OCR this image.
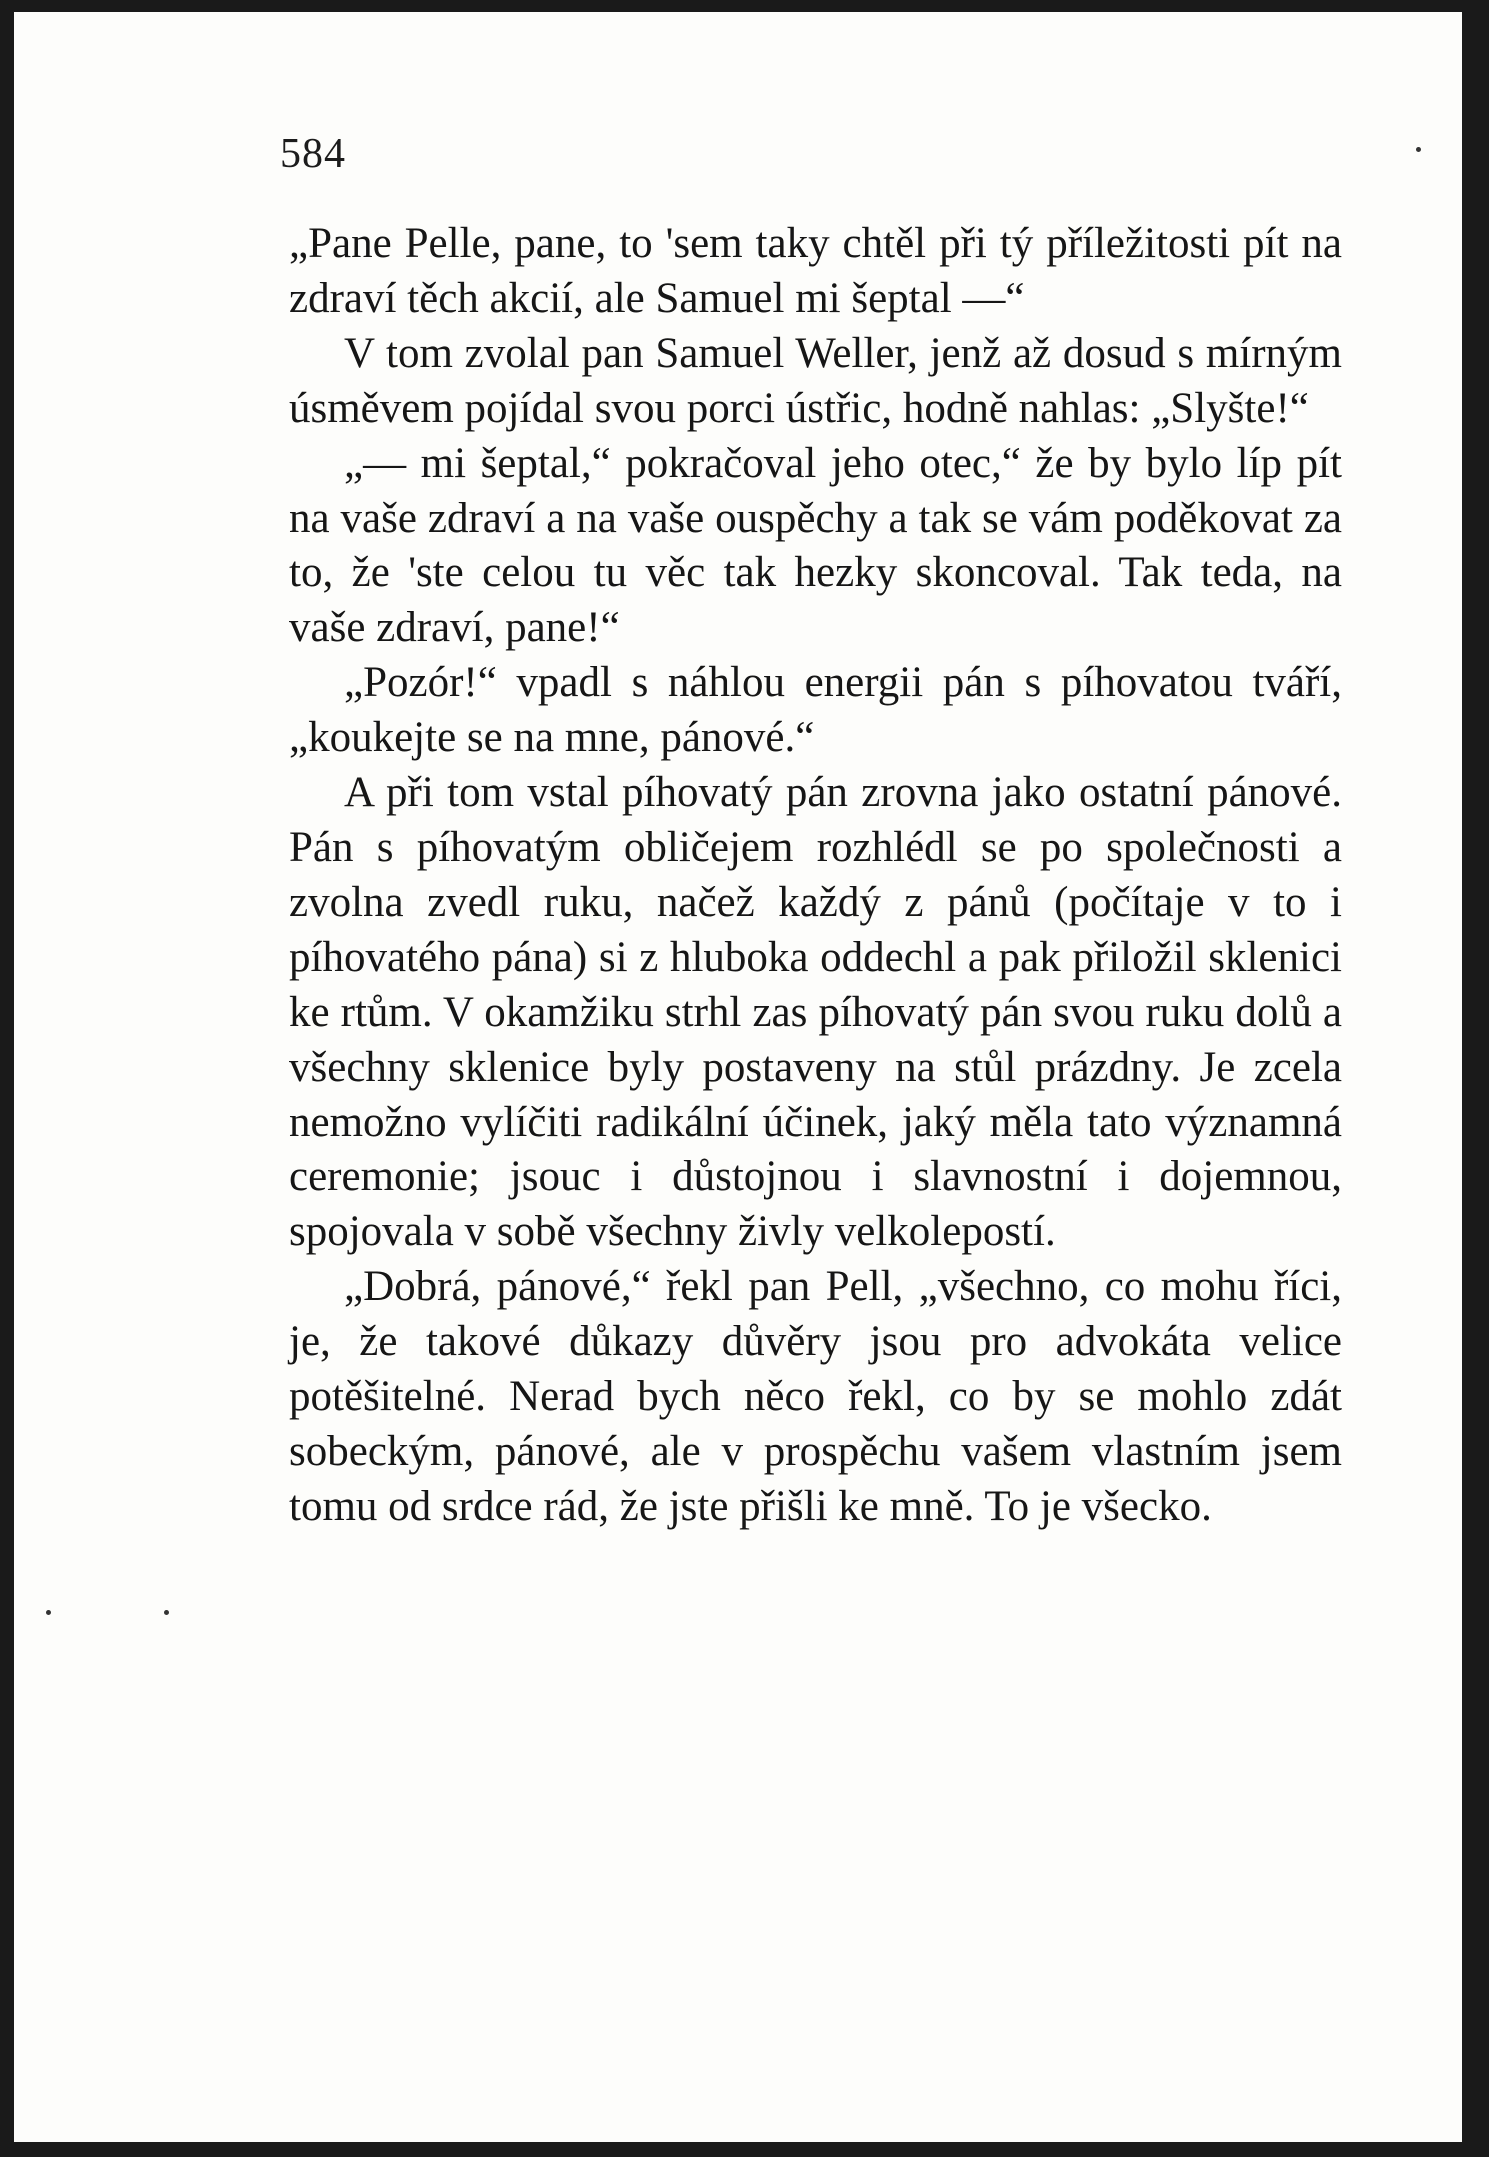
584

„Pane Pelle, pane, to 'sem taky chtěl při tý příležitosti pít na zdraví těch akcií, ale Samuel mi šeptal —“

V tom zvolal pan Samuel Weller, jenž až dosud s mírným úsměvem pojídal svou porci ústřic, hodně nahlas: „Slyšte!“

„— mi šeptal,“ pokračoval jeho otec,“ že by bylo líp pít na vaše zdraví a na vaše ouspěchy a tak se vám poděkovat za to, že 'ste celou tu věc tak hezky skoncoval. Tak teda, na vaše zdraví, pane!“

„Pozór!“ vpadl s náhlou energii pán s píhovatou tváří, „koukejte se na mne, pánové.“

A při tom vstal píhovatý pán zrovna jako ostatní pánové. Pán s píhovatým obličejem rozhlédl se po společnosti a zvolna zvedl ruku, načež každý z pánů (počítaje v to i píhovatého pána) si z hluboka oddechl a pak přiložil sklenici ke rtům. V okamžiku strhl zas píhovatý pán svou ruku dolů a všechny sklenice byly postaveny na stůl prázdny. Je zcela nemožno vylíčiti radikální účinek, jaký měla tato významná ceremonie; jsouc i důstojnou i slavnostní i dojemnou, spojovala v sobě všechny živly velkolepostí.

„Dobrá, pánové,“ řekl pan Pell, „všechno, co mohu říci, je, že takové důkazy důvěry jsou pro advokáta velice potěšitelné. Nerad bych něco řekl, co by se mohlo zdát sobeckým, pánové, ale v prospěchu vašem vlastním jsem tomu od srdce rád, že jste přišli ke mně. To je všecko.
